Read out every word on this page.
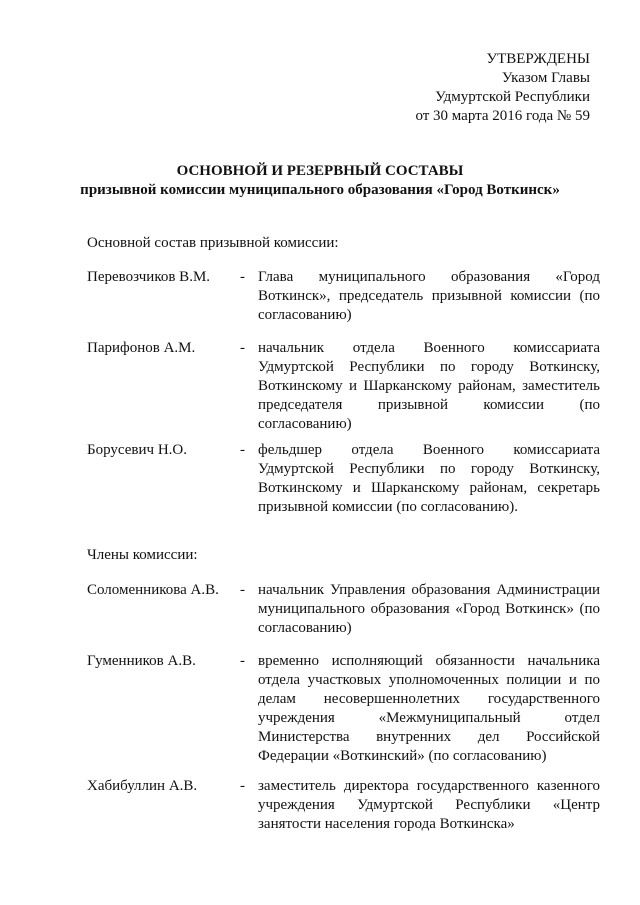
УТВЕРЖДЕНЫ
Указом Главы
Удмуртской Республики
от 30 марта 2016 года № 59
ОСНОВНОЙ И РЕЗЕРВНЫЙ СОСТАВЫ
призывной комиссии муниципального образования «Город Воткинск»
Основной состав призывной комиссии:
Перевозчиков В.М. - Глава муниципального образования «Город Воткинск», председатель призывной комиссии (по согласованию)
Парифонов А.М.	- начальник отдела Военного комиссариата Удмуртской Республики по городу Воткинску, Воткинскому и Шарканскому районам, заместитель председателя призывной комиссии (по согласованию)
Борусевич Н.О.	- фельдшер отдела Военного комиссариата Удмуртской Республики по городу Воткинску, Воткинскому и Шарканскому районам, секретарь призывной комиссии (по согласованию).
Члены комиссии:
Соломенникова А.В. - начальник Управления образования Администрации муниципального образования «Город Воткинск» (по согласованию)
Гуменников А.В.	- временно исполняющий обязанности начальника отдела участковых уполномоченных полиции и по делам несовершеннолетних государственного учреждения «Межмуниципальный отдел Министерства внутренних дел Российской Федерации «Воткинский» (по согласованию)
Хабибуллин А.В.	- заместитель директора государственного казенного учреждения Удмуртской Республики «Центр занятости населения города Воткинска»
